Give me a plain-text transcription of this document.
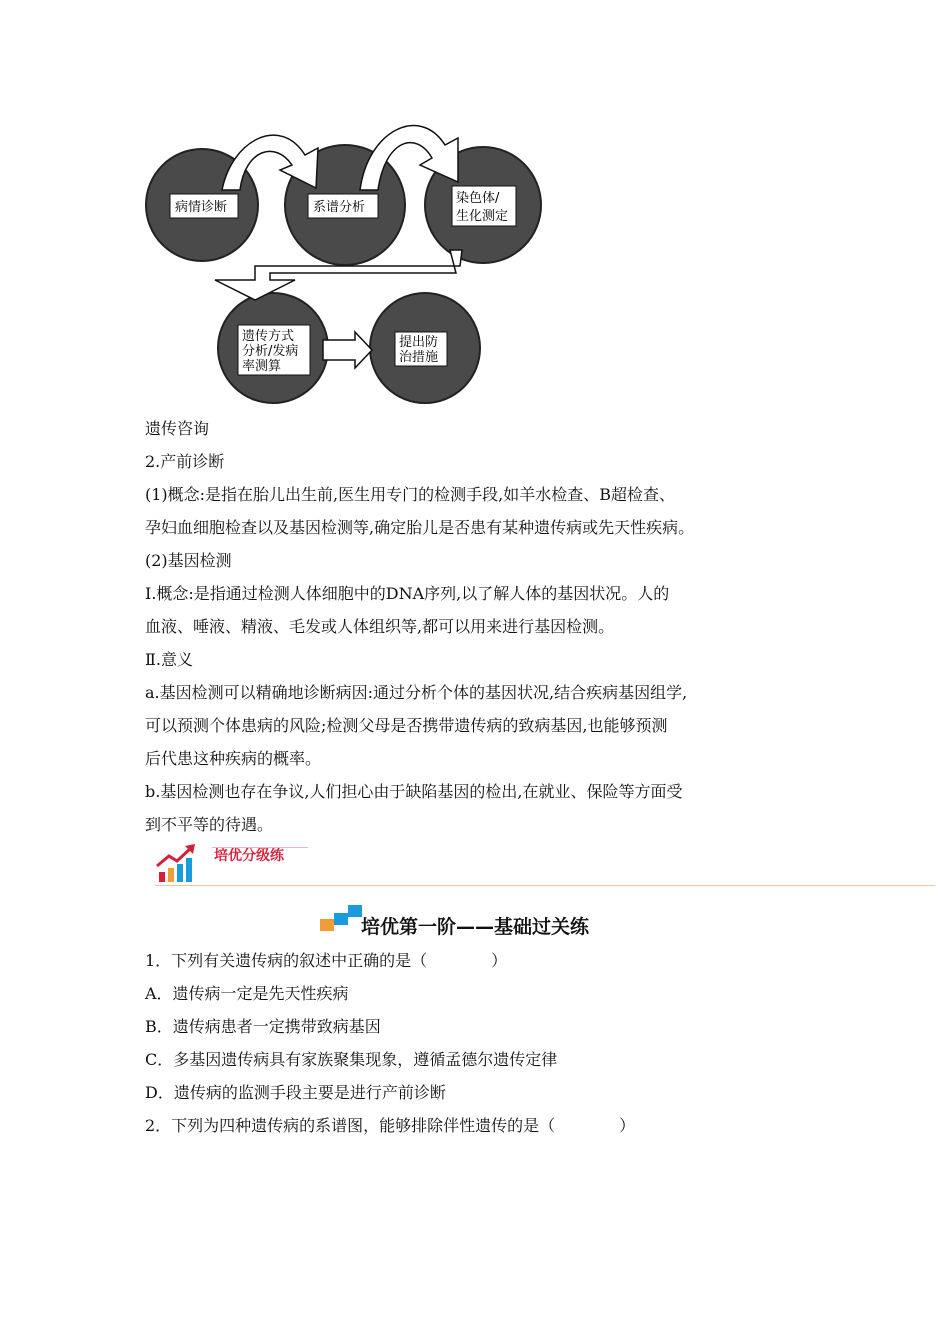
病情诊断	系谱分析
染色体/
生化测定
遗传方式
分析/发病
率测算
提出防
治措施
遗传咨询
2.产前诊断
(1)概念:是指在胎儿出生前,医生用专门的检测手段,如羊水检查、B超检查、
孕妇血细胞检查以及基因检测等,确定胎儿是否患有某种遗传病或先天性疾病。
(2)基因检测
Ⅰ.概念:是指通过检测人体细胞中的DNA序列,以了解人体的基因状况。人的
血液、唾液、精液、毛发或人体组织等,都可以用来进行基因检测。
Ⅱ.意义
a.基因检测可以精确地诊断病因:通过分析个体的基因状况,结合疾病基因组学,
可以预测个体患病的风险;检测父母是否携带遗传病的致病基因,也能够预测
后代患这种疾病的概率。
b.基因检测也存在争议,人们担心由于缺陷基因的检出,在就业、保险等方面受
到不平等的待遇。
培优分级练
培优第一阶——基础过关练
1．下列有关遗传病的叙述中正确的是（　　　　）
A．遗传病一定是先天性疾病
B．遗传病患者一定携带致病基因
C．多基因遗传病具有家族聚集现象，遵循孟德尔遗传定律
D．遗传病的监测手段主要是进行产前诊断
2．下列为四种遗传病的系谱图，能够排除伴性遗传的是（　　　　）
